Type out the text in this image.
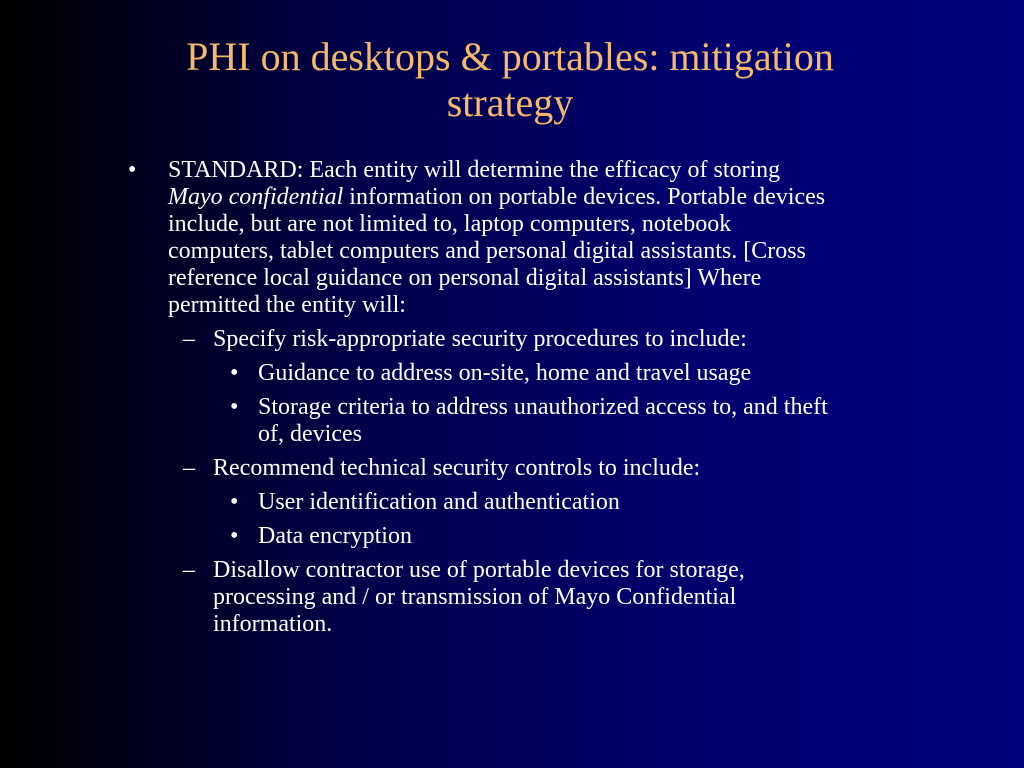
PHI on desktops & portables: mitigation
strategy
• STANDARD: Each entity will determine the efficacy of storing
Mayo confidential information on portable devices. Portable devices
include, but are not limited to, laptop computers, notebook
computers, tablet computers and personal digital assistants. [Cross
reference local guidance on personal digital assistants] Where
permitted the entity will:
– Specify risk-appropriate security procedures to include:
• Guidance to address on-site, home and travel usage
• Storage criteria to address unauthorized access to, and theft
of, devices
– Recommend technical security controls to include:
• User identification and authentication
• Data encryption
– Disallow contractor use of portable devices for storage,
processing and / or transmission of Mayo Confidential
information.
